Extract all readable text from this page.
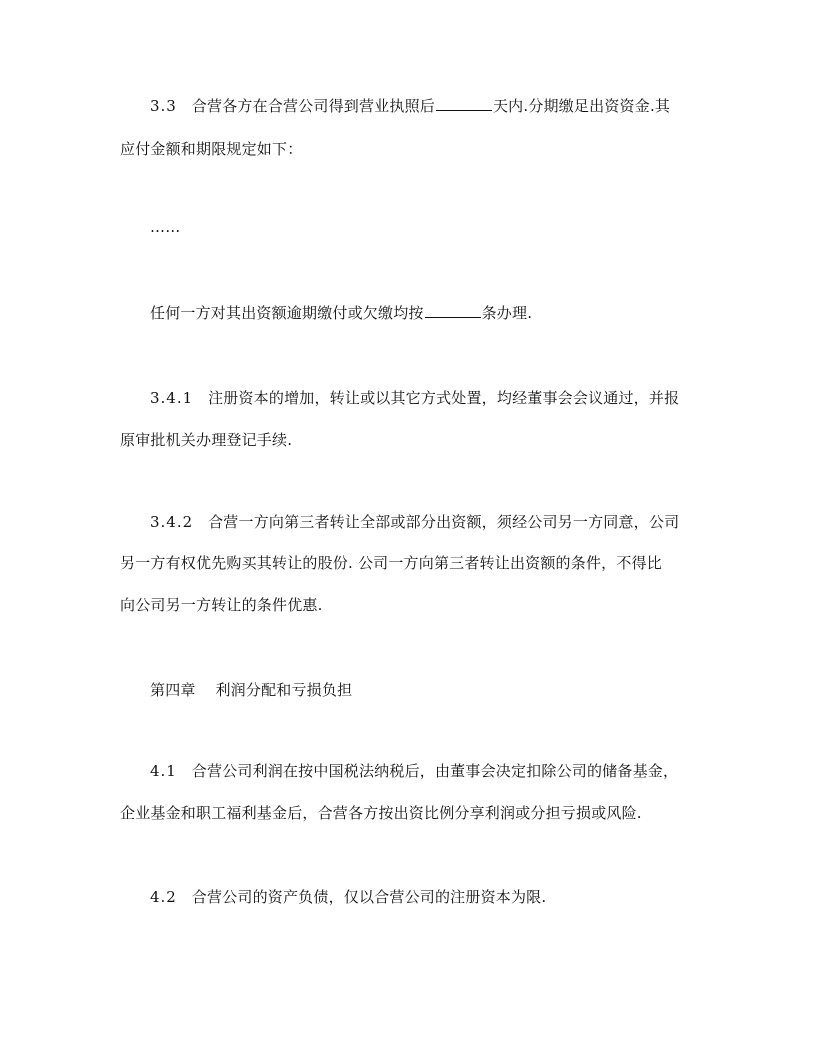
3.3 合营各方在合营公司得到营业执照后	天内.分期缴足出资资金.其
应付金额和期限规定如下：
……
任何一方对其出资额逾期缴付或欠缴均按	条办理.
3.4.1 注册资本的增加，转让或以其它方式处置，均经董事会会议通过，并报
原审批机关办理登记手续.
3.4.2 合营一方向第三者转让全部或部分出资额，须经公司另一方同意，公司
另一方有权优先购买其转让的股份. 公司一方向第三者转让出资额的条件，不得比
向公司另一方转让的条件优惠.
第四章 利润分配和亏损负担
4.1 合营公司利润在按中国税法纳税后，由董事会决定扣除公司的储备基金，
企业基金和职工福利基金后，合营各方按出资比例分享利润或分担亏损或风险.
4.2 合营公司的资产负债，仅以合营公司的注册资本为限.
